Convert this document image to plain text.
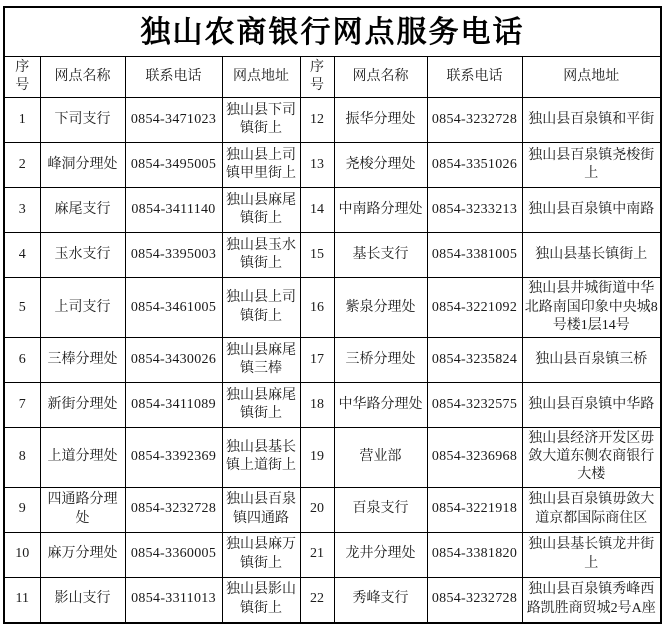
独山农商银行网点服务电话							
序号	网点名称	联系电话	网点地址	序号	网点名称	联系电话	网点地址
1	下司支行	0854-3471023	独山县下司镇街上	12	振华分理处	0854-3232728	独山县百泉镇和平街
2	峰洞分理处	0854-3495005	独山县上司镇甲里街上	13	尧梭分理处	0854-3351026	独山县百泉镇尧梭街上
3	麻尾支行	0854-3411140	独山县麻尾镇街上	14	中南路分理处	0854-3233213	独山县百泉镇中南路
4	玉水支行	0854-3395003	独山县玉水镇街上	15	基长支行	0854-3381005	独山县基长镇街上
5	上司支行	0854-3461005	独山县上司镇街上	16	紫泉分理处	0854-3221092	独山县井城街道中华北路南国印象中央城8号楼1层14号
6	三棒分理处	0854-3430026	独山县麻尾镇三棒	17	三桥分理处	0854-3235824	独山县百泉镇三桥
7	新街分理处	0854-3411089	独山县麻尾镇街上	18	中华路分理处	0854-3232575	独山县百泉镇中华路
8	上道分理处	0854-3392369	独山县基长镇上道街上	19	营业部	0854-3236968	独山县经济开发区毋敛大道东侧农商银行大楼
9	四通路分理处	0854-3232728	独山县百泉镇四通路	20	百泉支行	0854-3221918	独山县百泉镇毋敛大道京都国际商住区
10	麻万分理处	0854-3360005	独山县麻万镇街上	21	龙井分理处	0854-3381820	独山县基长镇龙井街上
11	影山支行	0854-3311013	独山县影山镇街上	22	秀峰支行	0854-3232728	独山县百泉镇秀峰西路凯胜商贸城2号A座
